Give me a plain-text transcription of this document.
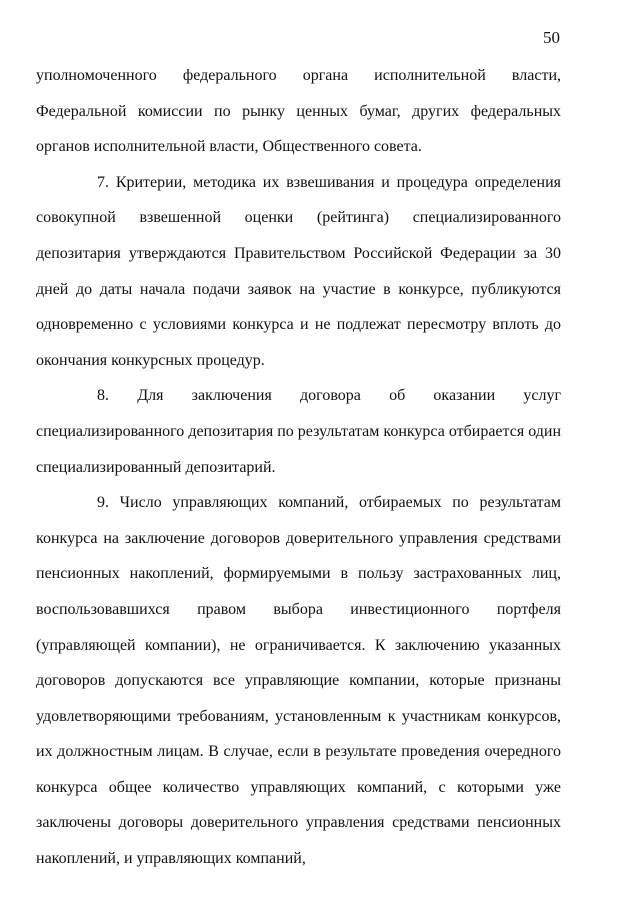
50

уполномоченного федерального органа исполнительной власти, Федеральной комиссии по рынку ценных бумаг, других федеральных органов исполнительной власти, Общественного совета.

7. Критерии, методика их взвешивания и процедура определения совокупной взвешенной оценки (рейтинга) специализированного депозитария утверждаются Правительством Российской Федерации за 30 дней до даты начала подачи заявок на участие в конкурсе, публикуются одновременно с условиями конкурса и не подлежат пересмотру вплоть до окончания конкурсных процедур.

8. Для заключения договора об оказании услуг специализированного депозитария по результатам конкурса отбирается один специализированный депозитарий.

9. Число управляющих компаний, отбираемых по результатам конкурса на заключение договоров доверительного управления средствами пенсионных накоплений, формируемыми в пользу застрахованных лиц, воспользовавшихся правом выбора инвестиционного портфеля (управляющей компании), не ограничивается. К заключению указанных договоров допускаются все управляющие компании, которые признаны удовлетворяющими требованиям, установленным к участникам конкурсов, их должностным лицам. В случае, если в результате проведения очередного конкурса общее количество управляющих компаний, с которыми уже заключены договоры доверительного управления средствами пенсионных накоплений, и управляющих компаний,
